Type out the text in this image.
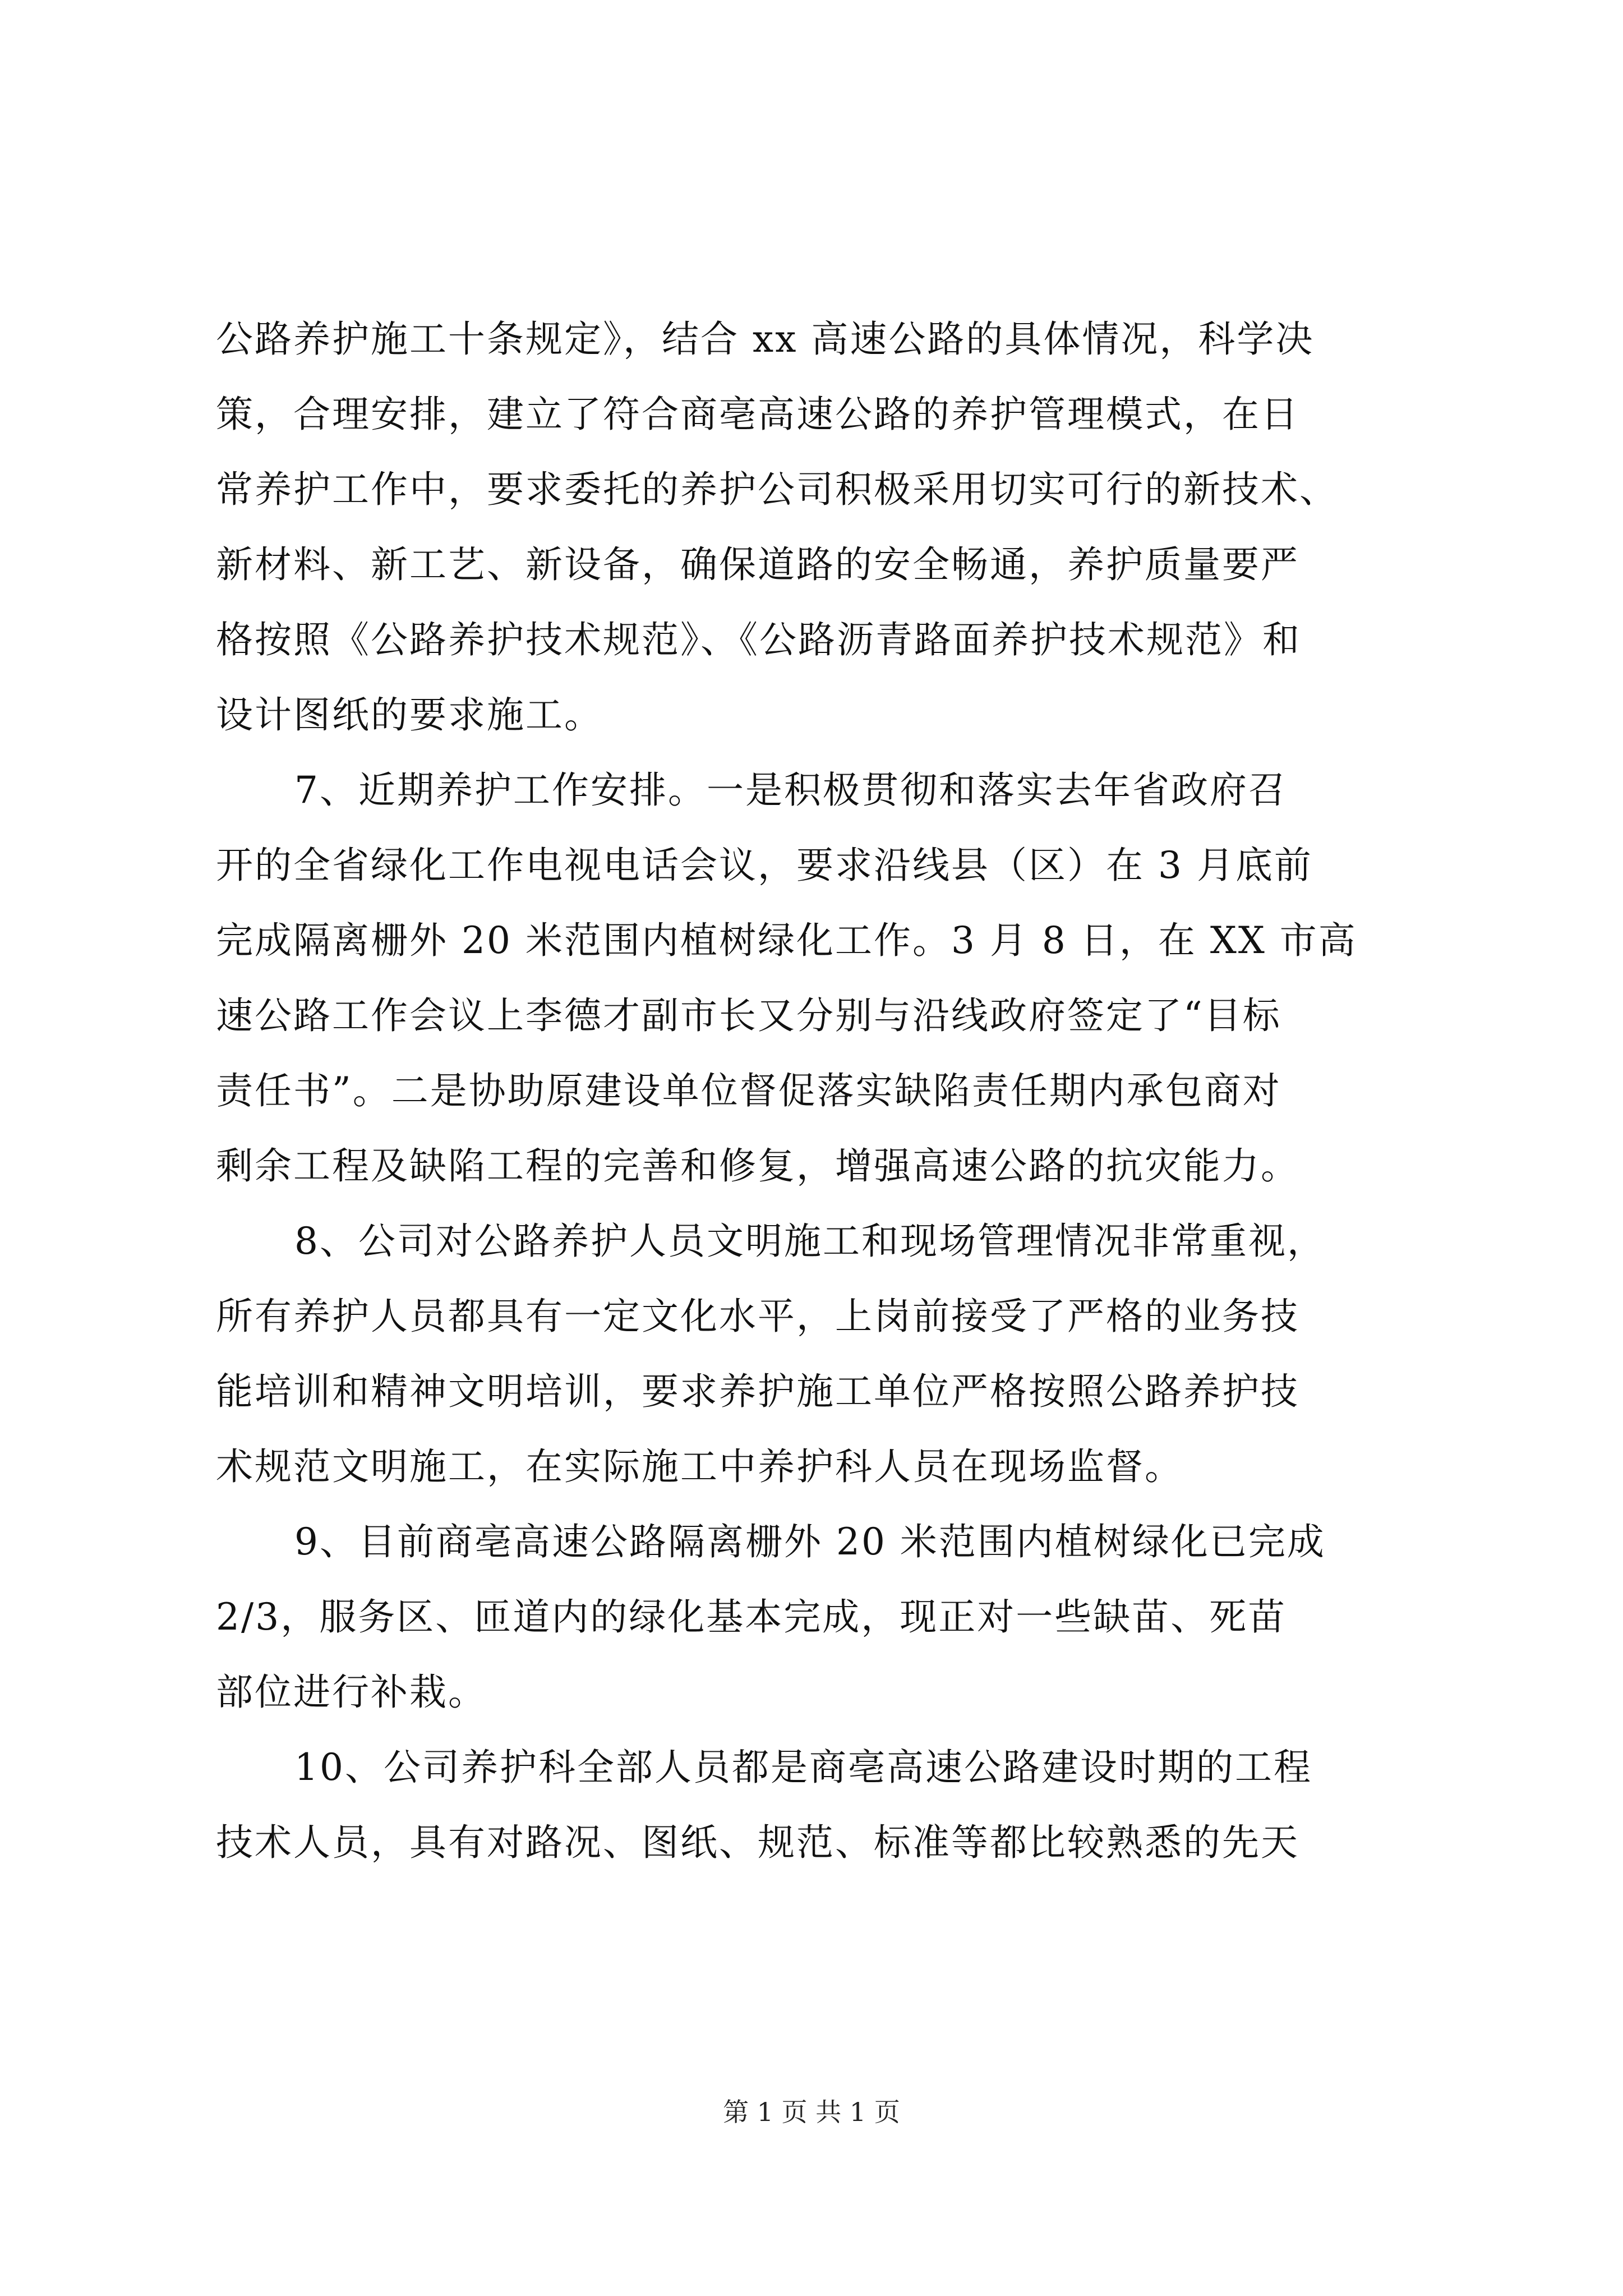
公路养护施工十条规定》，结合 xx 高速公路的具体情况，科学决
策，合理安排，建立了符合商亳高速公路的养护管理模式，在日
常养护工作中，要求委托的养护公司积极采用切实可行的新技术、
新材料、新工艺、新设备，确保道路的安全畅通，养护质量要严
格按照《公路养护技术规范》、《公路沥青路面养护技术规范》和
设计图纸的要求施工。
7、近期养护工作安排。一是积极贯彻和落实去年省政府召
开的全省绿化工作电视电话会议，要求沿线县（区）在 3 月底前
完成隔离栅外 20 米范围内植树绿化工作。3 月 8 日，在 XX 市高
速公路工作会议上李德才副市长又分别与沿线政府签定了“目标
责任书”。二是协助原建设单位督促落实缺陷责任期内承包商对
剩余工程及缺陷工程的完善和修复，增强高速公路的抗灾能力。
8、公司对公路养护人员文明施工和现场管理情况非常重视，
所有养护人员都具有一定文化水平，上岗前接受了严格的业务技
能培训和精神文明培训，要求养护施工单位严格按照公路养护技
术规范文明施工，在实际施工中养护科人员在现场监督。
9、目前商亳高速公路隔离栅外 20 米范围内植树绿化已完成
2/3，服务区、匝道内的绿化基本完成，现正对一些缺苗、死苗
部位进行补栽。
10、公司养护科全部人员都是商亳高速公路建设时期的工程
技术人员，具有对路况、图纸、规范、标准等都比较熟悉的先天
第 1 页 共 1 页
